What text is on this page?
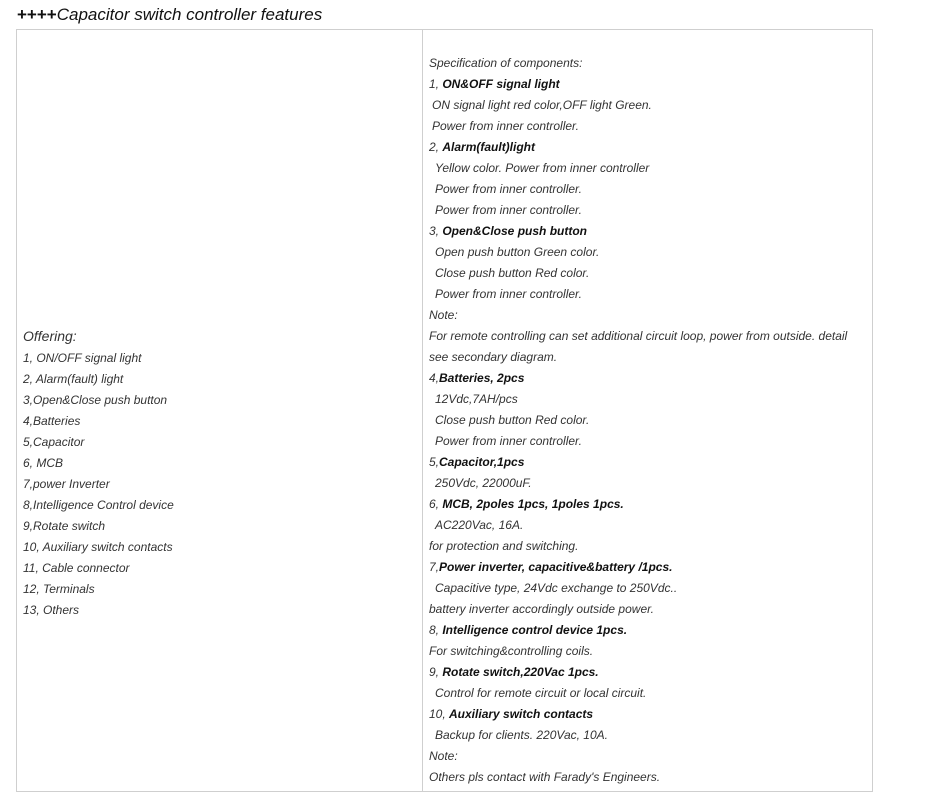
++++Capacitor switch controller features
Offering:
1, ON/OFF signal light
2, Alarm(fault) light
3,Open&Close push button
4,Batteries
5,Capacitor
6, MCB
7,power Inverter
8,Intelligence Control device
9,Rotate switch
10, Auxiliary switch contacts
11, Cable connector
12, Terminals
13, Others
Specification of components:
1, ON&OFF signal light
ON signal light red color,OFF light Green.
Power from inner controller.
2, Alarm(fault)light
Yellow color. Power from inner controller
Power from inner controller.
Power from inner controller.
3, Open&Close push button
Open push button Green color.
Close push button Red color.
Power from inner controller.
Note:
For remote controlling can set additional circuit loop, power from outside. detail
see secondary diagram.
4,Batteries, 2pcs
12Vdc,7AH/pcs
Close push button Red color.
Power from inner controller.
5,Capacitor,1pcs
250Vdc, 22000uF.
6, MCB, 2poles 1pcs, 1poles 1pcs.
AC220Vac, 16A.
for protection and switching.
7,Power inverter, capacitive&battery /1pcs.
Capacitive type, 24Vdc exchange to 250Vdc..
battery inverter accordingly outside power.
8, Intelligence control device 1pcs.
For switching&controlling coils.
9, Rotate switch,220Vac 1pcs.
Control for remote circuit or local circuit.
10, Auxiliary switch contacts
Backup for clients. 220Vac, 10A.
Note:
Others pls contact with Farady's Engineers.
